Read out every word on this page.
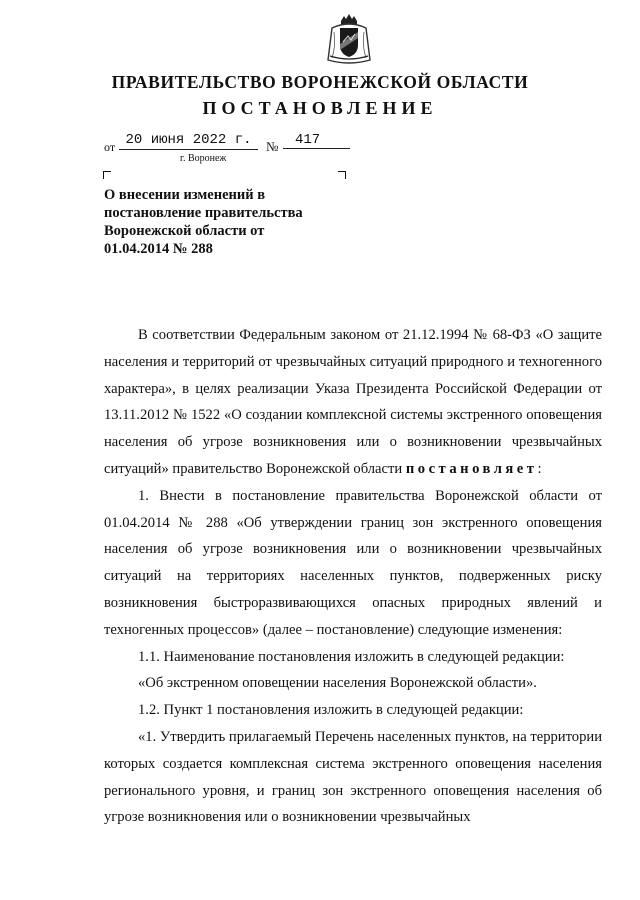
ПРАВИТЕЛЬСТВО ВОРОНЕЖСКОЙ ОБЛАСТИ
ПОСТАНОВЛЕНИЕ
от 20 июня 2022 г.	№	417
г. Воронеж
О внесении изменений в постановление правительства Воронежской области от 01.04.2014 № 288

В соответствии Федеральным законом от 21.12.1994 № 68-ФЗ «О защите населения и территорий от чрезвычайных ситуаций природного и техногенного характера», в целях реализации Указа Президента Российской Федерации от 13.11.2012 № 1522 «О создании комплексной системы экстренного оповещения населения об угрозе возникновения или о возникновении чрезвычайных ситуаций» правительство Воронежской области постановляет:

1. Внести в постановление правительства Воронежской области от 01.04.2014 № 288 «Об утверждении границ зон экстренного оповещения населения об угрозе возникновения или о возникновении чрезвычайных ситуаций на территориях населенных пунктов, подверженных риску возникновения быстроразвивающихся опасных природных явлений и техногенных процессов» (далее – постановление) следующие изменения:

1.1. Наименование постановления изложить в следующей редакции:

«Об экстренном оповещении населения Воронежской области».

1.2. Пункт 1 постановления изложить в следующей редакции:

«1. Утвердить прилагаемый Перечень населенных пунктов, на территории которых создается комплексная система экстренного оповещения населения регионального уровня, и границ зон экстренного оповещения населения об угрозе возникновения или о возникновении чрезвычайных
